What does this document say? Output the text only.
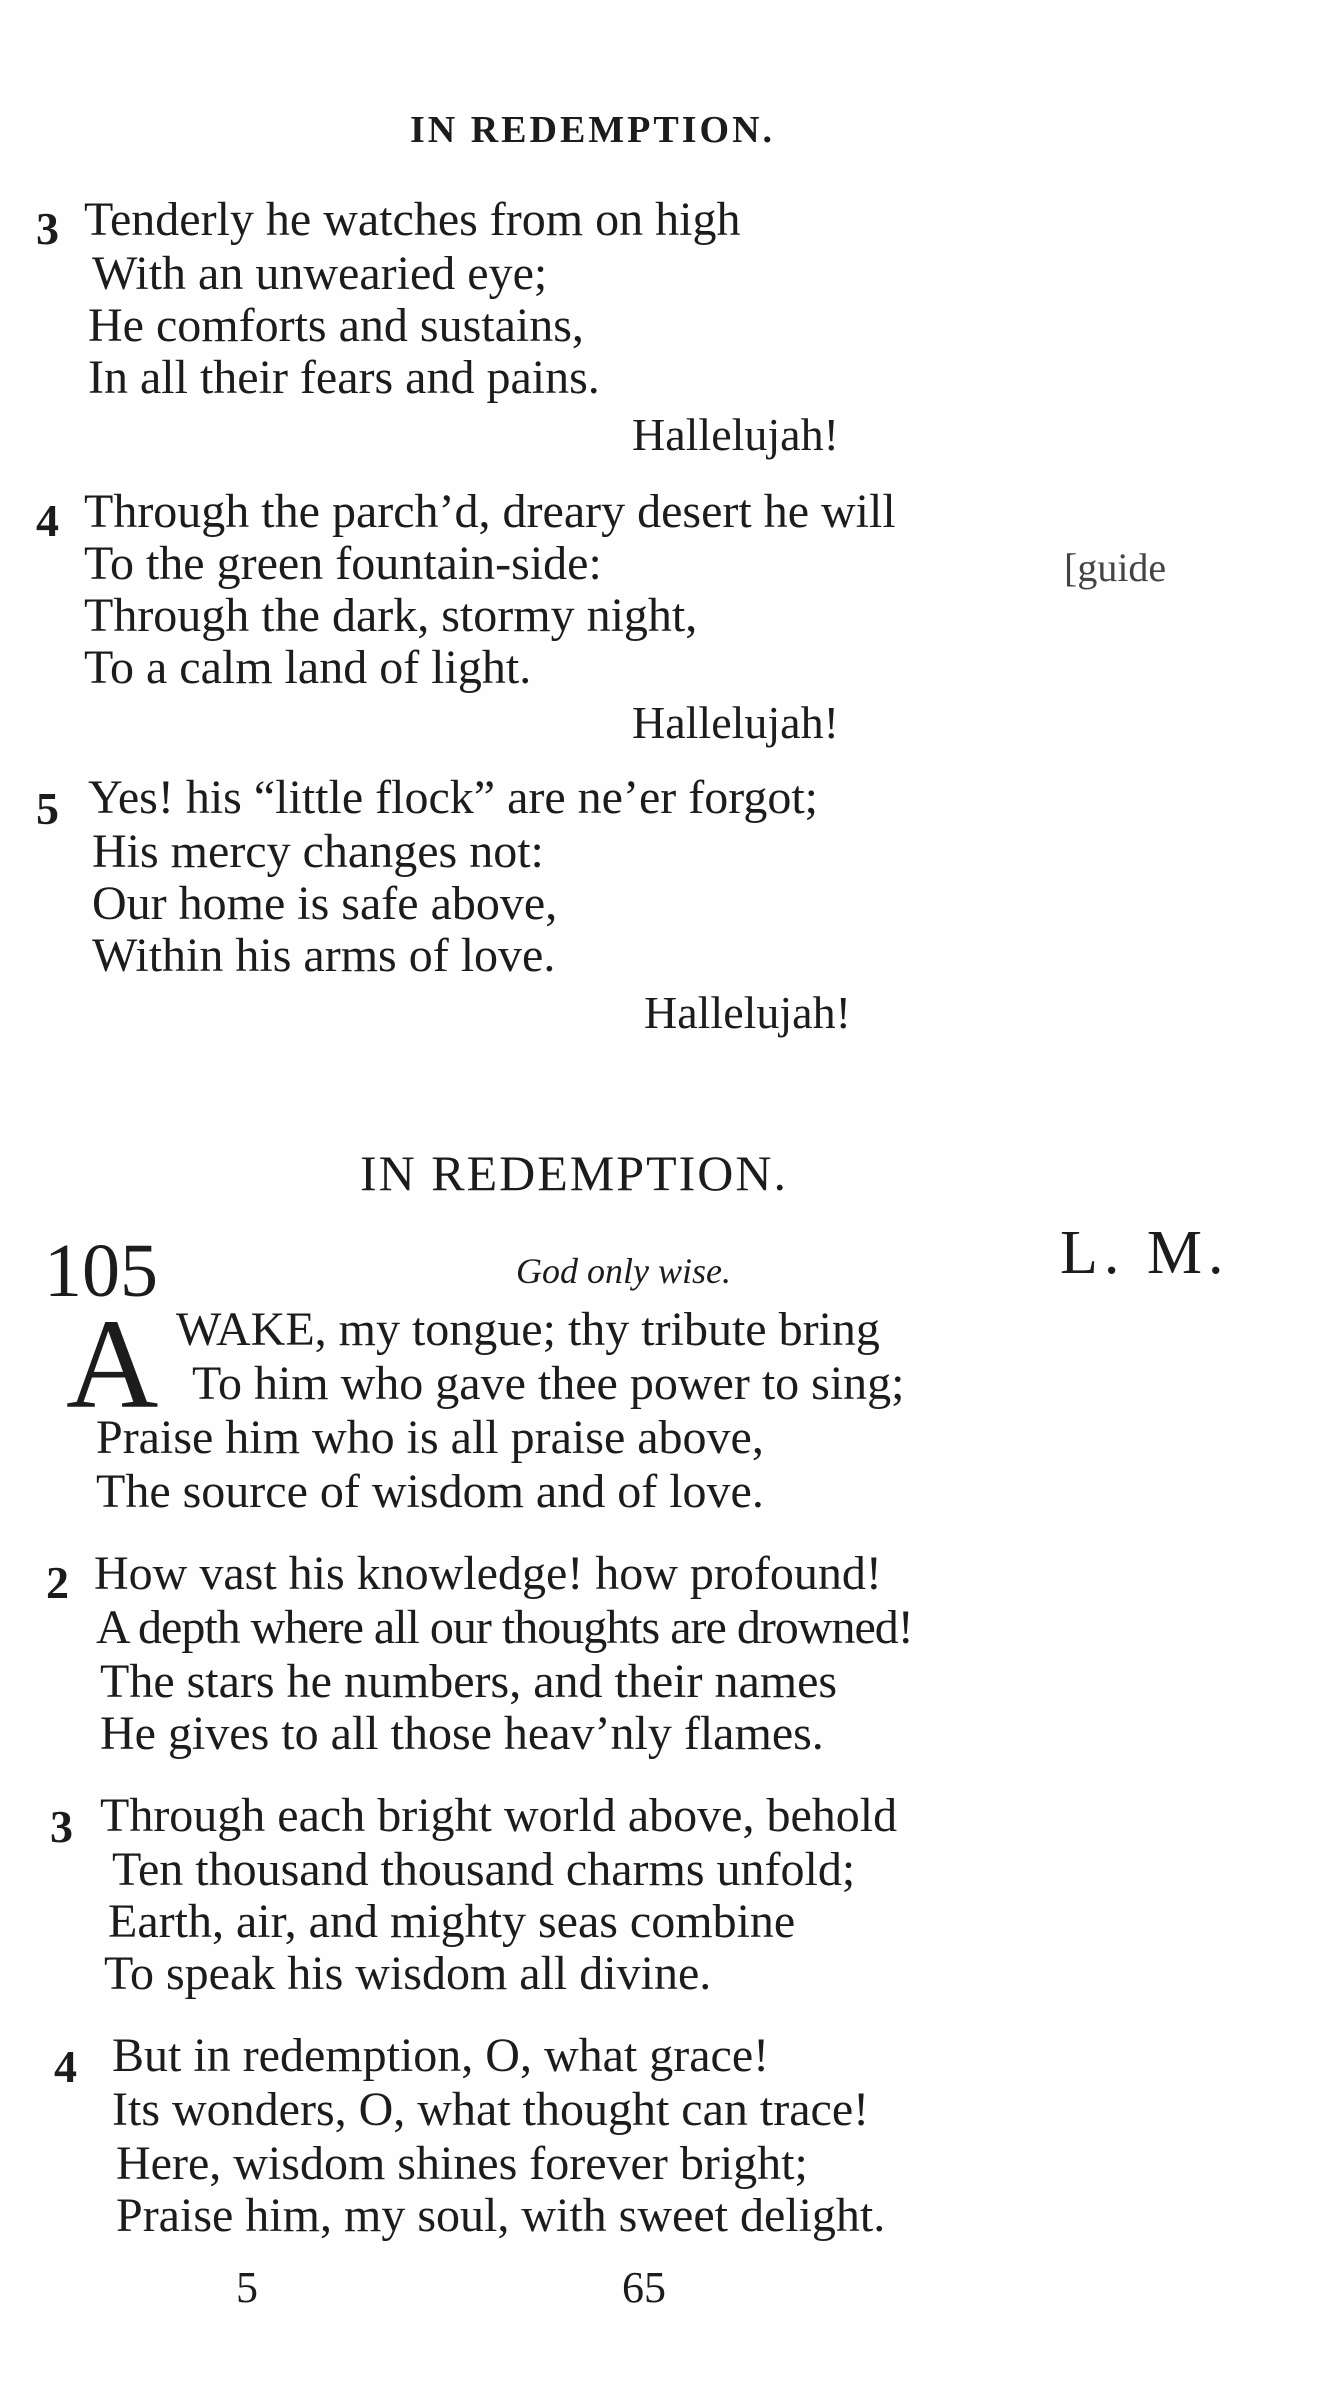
IN REDEMPTION.
3 Tenderly he watches from on high
With an unwearied eye;
He comforts and sustains,
In all their fears and pains.
Hallelujah!
4 Through the parch’d, dreary desert he will
To the green fountain-side:	[guide
Through the dark, stormy night,
To a calm land of light.
Hallelujah!
5 Yes! his “little flock” are ne’er forgot;
His mercy changes not:
Our home is safe above,
Within his arms of love.
Hallelujah!
IN REDEMPTION.
105	God only wise.	L. M.
A WAKE, my tongue; thy tribute bring
To him who gave thee power to sing;
Praise him who is all praise above,
The source of wisdom and of love.
2 How vast his knowledge! how profound!
A depth where all our thoughts are drowned!
The stars he numbers, and their names
He gives to all those heav’nly flames.
3 Through each bright world above, behold
Ten thousand thousand charms unfold;
Earth, air, and mighty seas combine
To speak his wisdom all divine.
4 But in redemption, O, what grace!
Its wonders, O, what thought can trace!
Here, wisdom shines forever bright;
Praise him, my soul, with sweet delight.
5	65
